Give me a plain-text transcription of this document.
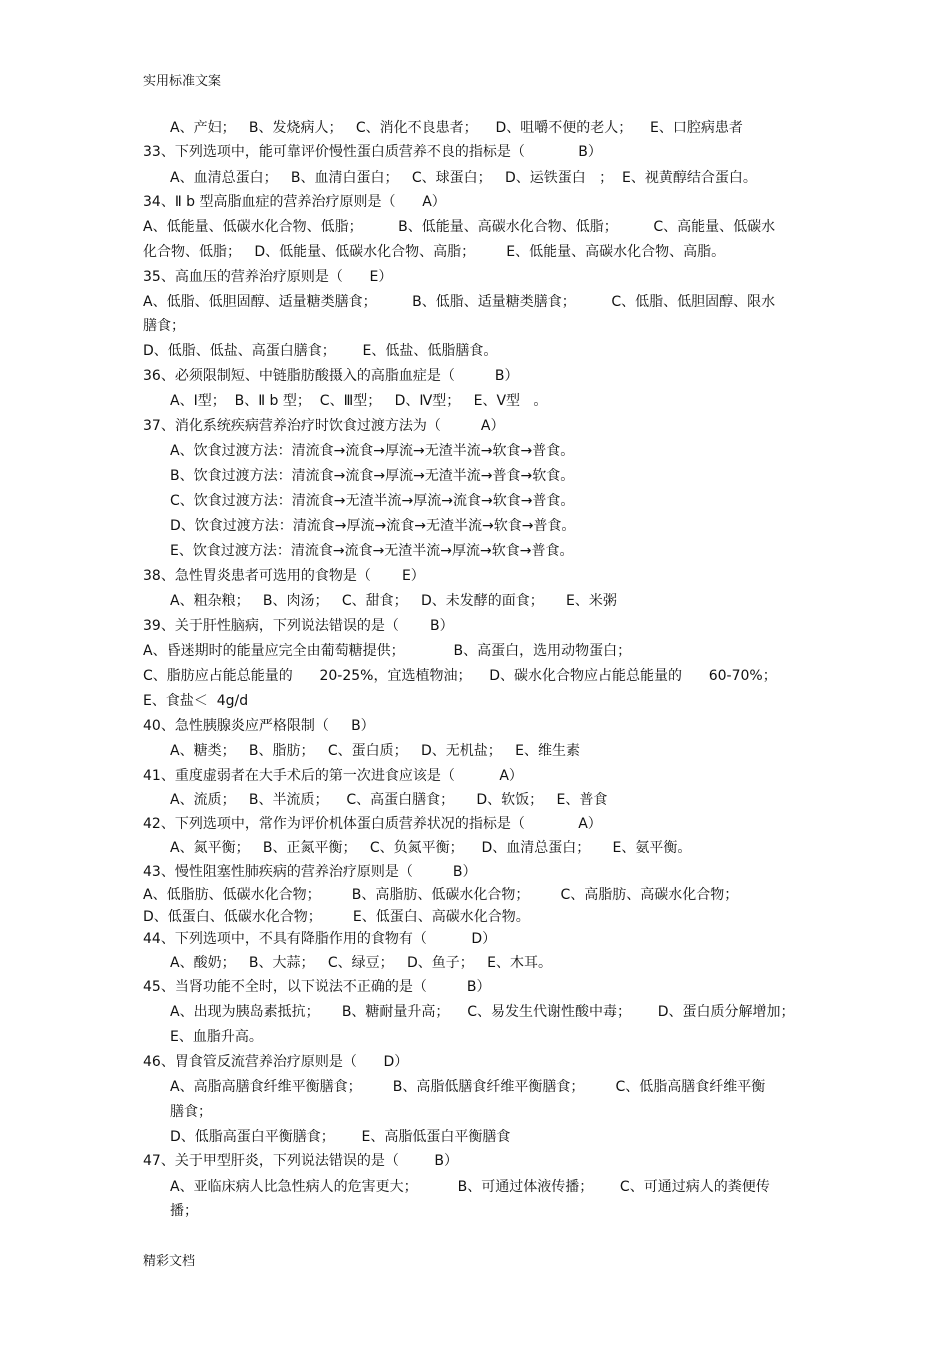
实用标准文案
A、产妇；   B、发烧病人；   C、消化不良患者；    D、咀嚼不便的老人；    E、口腔病患者
33、下列选项中，能可靠评价慢性蛋白质营养不良的指标是（            B）
A、血清总蛋白；   B、血清白蛋白；   C、球蛋白；   D、运铁蛋白   ；  E、视黄醇结合蛋白。
34、Ⅱ b 型高脂血症的营养治疗原则是（      A）
A、低能量、低碳水化合物、低脂；        B、低能量、高碳水化合物、低脂；        C、高能量、低碳水
化合物、低脂；   D、低能量、低碳水化合物、高脂；       E、低能量、高碳水化合物、高脂。
35、高血压的营养治疗原则是（      E）
A、低脂、低胆固醇、适量糖类膳食；        B、低脂、适量糖类膳食；        C、低脂、低胆固醇、限水
膳食；
D、低脂、低盐、高蛋白膳食；      E、低盐、低脂膳食。
36、必须限制短、中链脂肪酸摄入的高脂血症是（         B）
A、Ⅰ型；  B、Ⅱ b 型；  C、Ⅲ型；   D、Ⅳ型；   E、Ⅴ型   。
37、消化系统疾病营养治疗时饮食过渡方法为（         A）
A、饮食过渡方法：清流食→流食→厚流→无渣半流→软食→普食。
B、饮食过渡方法：清流食→流食→厚流→无渣半流→普食→软食。
C、饮食过渡方法：清流食→无渣半流→厚流→流食→软食→普食。
D、饮食过渡方法：清流食→厚流→流食→无渣半流→软食→普食。
E、饮食过渡方法：清流食→流食→无渣半流→厚流→软食→普食。
38、急性胃炎患者可选用的食物是（       E）
A、粗杂粮；   B、肉汤；   C、甜食；   D、未发酵的面食；     E、米粥
39、关于肝性脑病，下列说法错误的是（       B）
A、昏迷期时的能量应完全由葡萄糖提供；           B、高蛋白，选用动物蛋白；
C、脂肪应占能总能量的      20-25%，宜选植物油；    D、碳水化合物应占能总能量的      60-70%；
E、食盐＜  4g/d
40、急性胰腺炎应严格限制（     B）
A、糖类；   B、脂肪；   C、蛋白质；   D、无机盐；   E、维生素
41、重度虚弱者在大手术后的第一次进食应该是（          A）
A、流质；   B、半流质；    C、高蛋白膳食；     D、软饭；   E、普食
42、下列选项中，常作为评价机体蛋白质营养状况的指标是（            A）
A、氮平衡；   B、正氮平衡；   C、负氮平衡；    D、血清总蛋白；     E、氨平衡。
43、慢性阻塞性肺疾病的营养治疗原则是（         B）
A、低脂肪、低碳水化合物；       B、高脂肪、低碳水化合物；       C、高脂肪、高碳水化合物；
D、低蛋白、低碳水化合物；       E、低蛋白、高碳水化合物。
44、下列选项中，不具有降脂作用的食物有（          D）
A、酸奶；   B、大蒜；   C、绿豆；   D、鱼子；   E、木耳。
45、当肾功能不全时，以下说法不正确的是（         B）
A、出现为胰岛素抵抗；     B、糖耐量升高；    C、易发生代谢性酸中毒；      D、蛋白质分解增加；
E、血脂升高。
46、胃食管反流营养治疗原则是（      D）
A、高脂高膳食纤维平衡膳食；       B、高脂低膳食纤维平衡膳食；       C、低脂高膳食纤维平衡
膳食；
D、低脂高蛋白平衡膳食；      E、高脂低蛋白平衡膳食
47、关于甲型肝炎，下列说法错误的是（        B）
A、亚临床病人比急性病人的危害更大；         B、可通过体液传播；      C、可通过病人的粪便传
播；
精彩文档
